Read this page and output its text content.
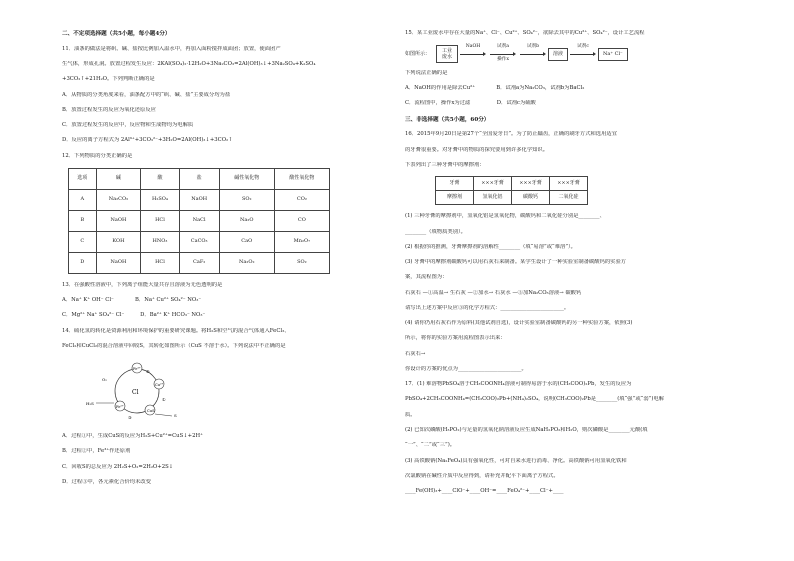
二、不定项选择题（共5小题，每小题4分）
11．油条的做法是将矾、碱、盐按比例加入温水中，再加入面粉搅拌成面团；放置，使面团产
生气体，形成孔洞。放置过程发生反应：2KAl(SO₄)₂·12H₂O+3Na₂CO₃=2Al(OH)₃↓+3Na₂SO₄+K₂SO₄
+3CO₂↑+21H₂O。下列判断正确的是
A．从物质的分类角度来看，油条配方中的“矾、碱、盐”主要成分均为盐
B．放置过程发生的反应为氧化还原反应
C．放置过程发生的反应中，反应物和生成物均为电解质
D．反应的离子方程式为 2Al³⁺+3CO₃²⁻+3H₂O=2Al(OH)₃↓+3CO₂↑
12．下列物质的分类正确的是
选项	碱	酸	盐	碱性氧化物	酸性氧化物
A	Na₂CO₃	H₂SO₄	NaOH	SO₂	CO₂
B	NaOH	HCl	NaCl	Na₂O	CO
C	KOH	HNO₃	CaCO₃	CaO	Mn₂O₇
D	NaOH	HCl	CaF₂	Na₂O₂	SO₂
13．在强酸性溶液中，下列离子组能大量共存且溶液为无色透明的是
A．Na⁺ K⁺ OH⁻ Cl⁻　　　　B．Na⁺ Cu²⁺ SO₄²⁻ NO₃⁻
C．Mg²⁺ Na⁺ SO₄²⁻ Cl⁻　　　D．Ba²⁺ K⁺ HCO₃⁻ NO₃⁻
14．硫化氢的转化是资源利用和环境保护的重要研究课题。将H₂S和空气的混合气体通入FeCl₃、
FeCl₂和CuCl₂的混合溶液中回收S，其转化如图所示（CuS 不溶于水）。下列说法中不正确的是
Cl
Fe³⁺
Cu²⁺
CuS
Fe²⁺
H₂S
S
O₂
①
②
③
A．过程①中，生成CuS的反应为H₂S+Cu²⁺=CuS↓+2H⁺
B．过程②中，Fe³⁺作还原剂
C．回收S的总反应为 2H₂S+O₂=2H₂O+2S↓
D．过程③中，各元素化合价均未改变
15．某工业废水中存在大量的Na⁺、Cl⁻、Cu²⁺、SO₄²⁻，欲除去其中的Cu²⁺、SO₄²⁻，设计工艺流程
如图所示：	工业废水
NaOH
	试剂a
操作x
试剂b

溶液
试剂c

Na⁺ Cl⁻
下列说法正确的是
A．NaOH的作用是除去Cu²⁺　　　　B．试剂a为Na₂CO₃，试剂b为BaCl₂
C．流程图中，操作x为过滤　　　　　D．试剂c为硫酸
三、非选择题（共5小题，60分）
16．2015年9月20日是第27个“全国爱牙日”。为了防止龋齿，正确的刷牙方式和选用适宜
的牙膏很重要。对牙膏中的物质的探究要用到许多化学知识。
下表列出了三种牙膏中的摩擦剂：
牙膏	×××牙膏	×××牙膏	×××牙膏
摩擦剂	氢氧化铝	碳酸钙	二氧化硅
(1) 三种牙膏的摩擦剂中，氢氧化铝是氢氧化物，碳酸钙和二氧化硅分别是________、
________（填物质类别）。
(2) 根据你的推测，牙膏摩擦剂的溶解性________（填“易溶”或“难溶”）。
(3) 牙膏中的摩擦剂碳酸钙可以用石灰石来制备。某学生设计了一种实验室制备碳酸钙的实验方
案，其流程图为：
石灰石 —①高温→ 生石灰 —②加水→ 石灰水 —③加Na₂CO₃溶液→ 碳酸钙
请写出上述方案中反应③的化学方程式：________________________。
(4) 请你仍用石灰石作为原料(其他试剂自选)，设计实验室制备碳酸钙的另一种实验方案，依照(3)
所示，将你的实验方案用流程图表示出来：
石灰石→
你设计的方案的优点为________________________。
17．(1) 难溶物PbSO₄溶于CH₃COONH₄溶液可制得易溶于水的(CH₃COO)₂Pb，发生的反应为
PbSO₄+2CH₃COONH₄=(CH₃COO)₂Pb+(NH₄)₂SO₄，说明(CH₃COO)₂Pb是________(填“强”或“弱”)电解
质。
(2) 已知次磷酸(H₃PO₂)与足量的氢氧化钠溶液反应生成NaH₂PO₂和H₂O，则次磷酸是________元酸(填
“一”、“二”或“三”)。
(3) 高铁酸钠(Na₂FeO₄)具有强氧化性，可对自来水进行消毒、净化。高铁酸钠可用氢氧化铁和
次氯酸钠在碱性介质中反应得到，请补充并配平下面离子方程式。
____Fe(OH)₃+____ClO⁻+____OH⁻=____FeO₄²⁻+____Cl⁻+____
